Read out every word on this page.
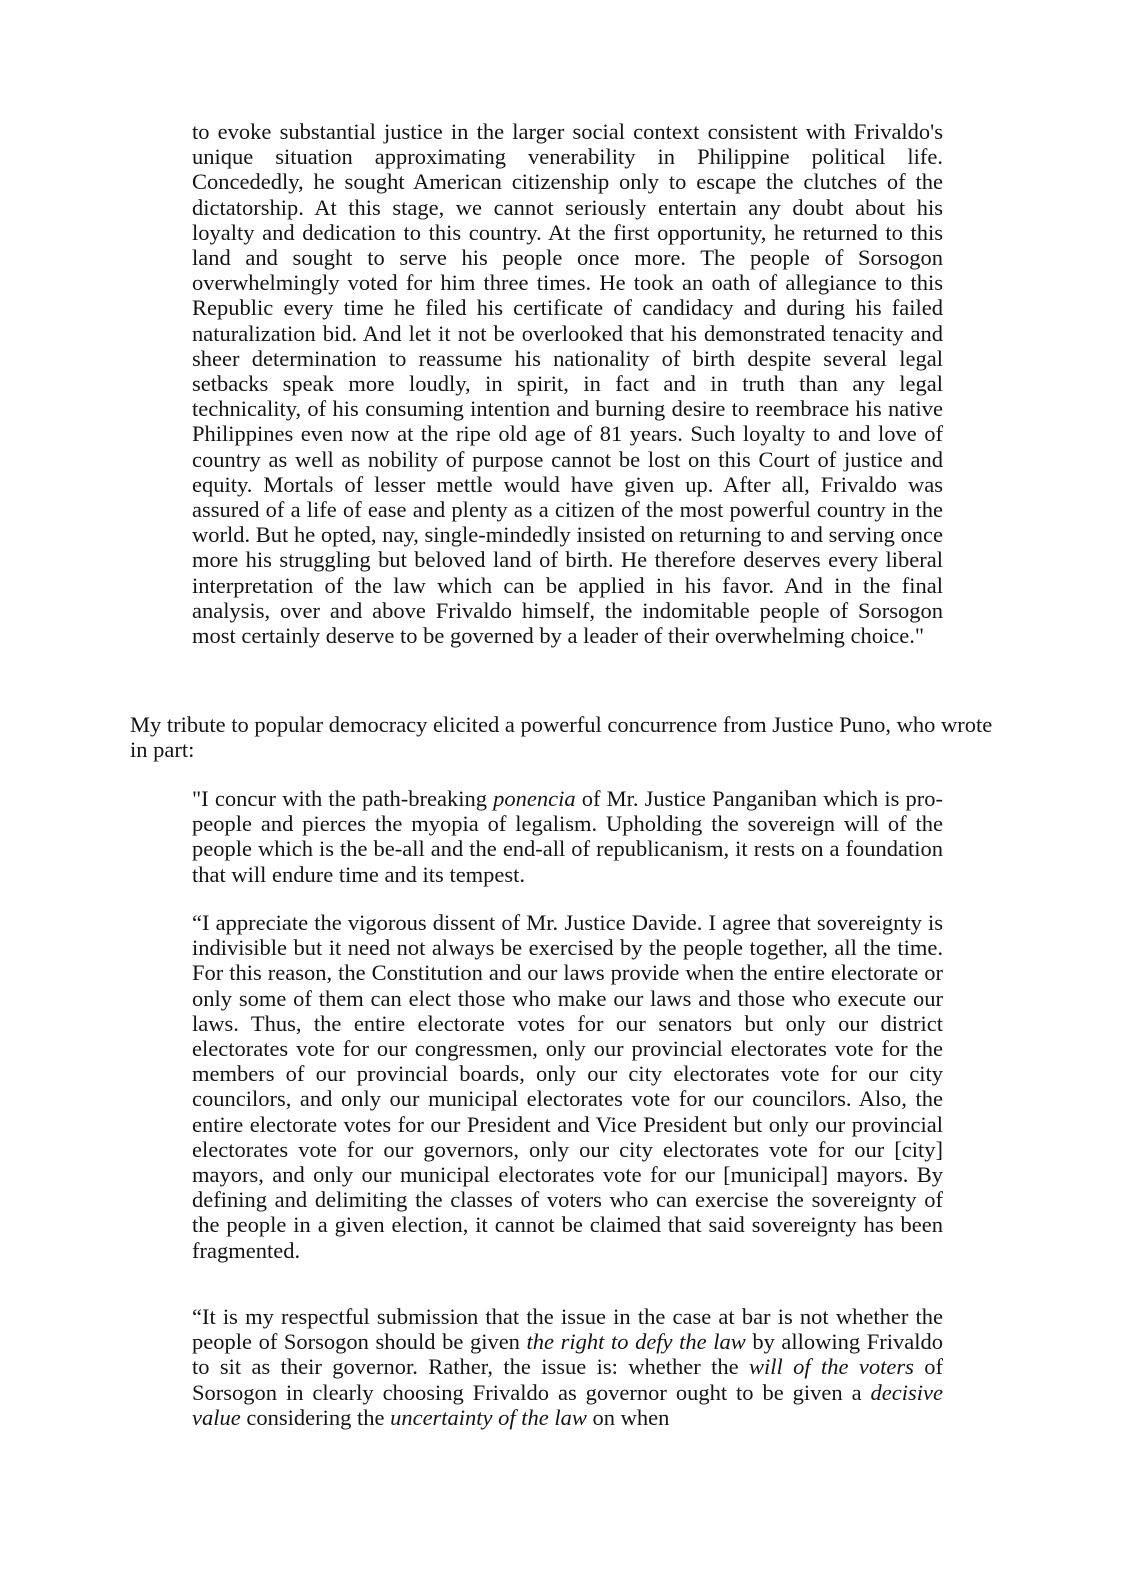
to evoke substantial justice in the larger social context consistent with Frivaldo's unique situation approximating venerability in Philippine political life. Concededly, he sought American citizenship only to escape the clutches of the dictatorship. At this stage, we cannot seriously entertain any doubt about his loyalty and dedication to this country. At the first opportunity, he returned to this land and sought to serve his people once more. The people of Sorsogon overwhelmingly voted for him three times. He took an oath of allegiance to this Republic every time he filed his certificate of candidacy and during his failed naturalization bid. And let it not be overlooked that his demonstrated tenacity and sheer determination to reassume his nationality of birth despite several legal setbacks speak more loudly, in spirit, in fact and in truth than any legal technicality, of his consuming intention and burning desire to reembrace his native Philippines even now at the ripe old age of 81 years. Such loyalty to and love of country as well as nobility of purpose cannot be lost on this Court of justice and equity. Mortals of lesser mettle would have given up. After all, Frivaldo was assured of a life of ease and plenty as a citizen of the most powerful country in the world. But he opted, nay, single-mindedly insisted on returning to and serving once more his struggling but beloved land of birth. He therefore deserves every liberal interpretation of the law which can be applied in his favor. And in the final analysis, over and above Frivaldo himself, the indomitable people of Sorsogon most certainly deserve to be governed by a leader of their overwhelming choice."

My tribute to popular democracy elicited a powerful concurrence from Justice Puno, who wrote in part:

"I concur with the path-breaking ponencia of Mr. Justice Panganiban which is pro-people and pierces the myopia of legalism. Upholding the sovereign will of the people which is the be-all and the end-all of republicanism, it rests on a foundation that will endure time and its tempest.

“I appreciate the vigorous dissent of Mr. Justice Davide. I agree that sovereignty is indivisible but it need not always be exercised by the people together, all the time. For this reason, the Constitution and our laws provide when the entire electorate or only some of them can elect those who make our laws and those who execute our laws. Thus, the entire electorate votes for our senators but only our district electorates vote for our congressmen, only our provincial electorates vote for the members of our provincial boards, only our city electorates vote for our city councilors, and only our municipal electorates vote for our councilors. Also, the entire electorate votes for our President and Vice President but only our provincial electorates vote for our governors, only our city electorates vote for our [city] mayors, and only our municipal electorates vote for our [municipal] mayors. By defining and delimiting the classes of voters who can exercise the sovereignty of the people in a given election, it cannot be claimed that said sovereignty has been fragmented.

“It is my respectful submission that the issue in the case at bar is not whether the people of Sorsogon should be given the right to defy the law by allowing Frivaldo to sit as their governor. Rather, the issue is: whether the will of the voters of Sorsogon in clearly choosing Frivaldo as governor ought to be given a decisive value considering the uncertainty of the law on when
